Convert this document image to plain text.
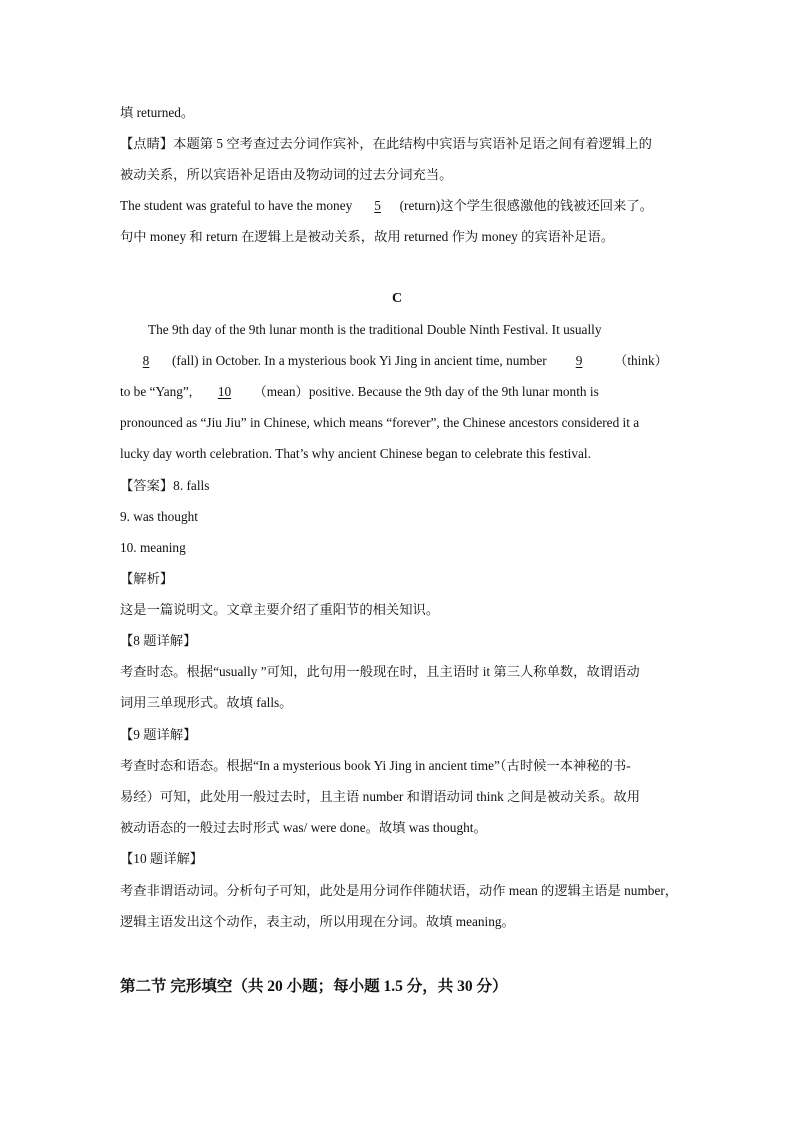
填 returned。
【点睛】本题第 5 空考查过去分词作宾补，在此结构中宾语与宾语补足语之间有着逻辑上的
被动关系，所以宾语补足语由及物动词的过去分词充当。
The student was grateful to have the money 5 (return)这个学生很感激他的钱被还回来了。
句中 money 和 return 在逻辑上是被动关系，故用 returned 作为 money 的宾语补足语。
C
The 9th day of the 9th lunar month is the traditional Double Ninth Festival. It usually
8 (fall) in October. In a mysterious book Yi Jing in ancient time, number 9 （think）
to be “Yang”, 10 （mean）positive. Because the 9th day of the 9th lunar month is
pronounced as “Jiu Jiu” in Chinese, which means “forever”, the Chinese ancestors considered it a
lucky day worth celebration. That’s why ancient Chinese began to celebrate this festival.
【答案】8. falls
9. was thought
10. meaning
【解析】
这是一篇说明文。文章主要介绍了重阳节的相关知识。
【8 题详解】
考查时态。根据“usually ”可知，此句用一般现在时，且主语时 it 第三人称单数，故谓语动
词用三单现形式。故填 falls。
【9 题详解】
考查时态和语态。根据“In a mysterious book Yi Jing in ancient time”（古时候一本神秘的书-
易经）可知，此处用一般过去时，且主语 number 和谓语动词 think 之间是被动关系。故用
被动语态的一般过去时形式 was/ were done。故填 was thought。
【10 题详解】
考查非谓语动词。分析句子可知，此处是用分词作伴随状语，动作 mean 的逻辑主语是 number，
逻辑主语发出这个动作，表主动，所以用现在分词。故填 meaning。
第二节 完形填空（共 20 小题；每小题 1.5 分，共 30 分）
